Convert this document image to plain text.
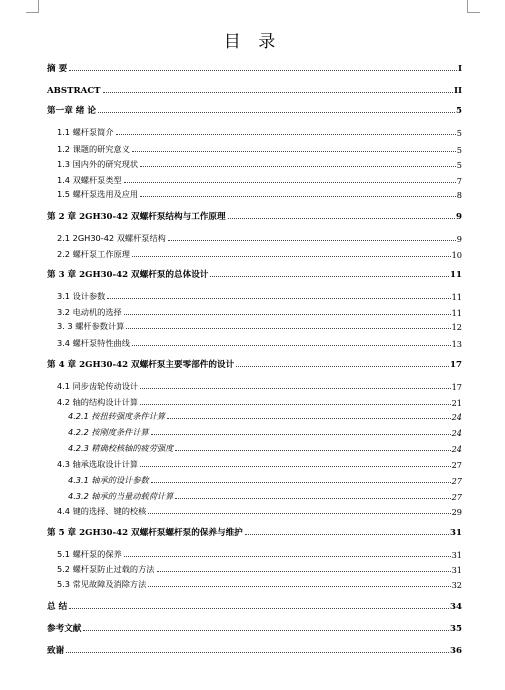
目 录
摘 要	I
ABSTRACT	II
第一章 绪 论	5
1.1 螺杆泵简介	5
1.2 课题的研究意义	5
1.3 国内外的研究现状	5
1.4 双螺杆泵类型	7
1.5 螺杆泵选用及应用	8
第 2 章 2GH30-42 双螺杆泵结构与工作原理	9
2.1 2GH30-42 双螺杆泵结构	9
2.2 螺杆泵工作原理	10
第 3 章 2GH30-42 双螺杆泵的总体设计	11
3.1 设计参数	11
3.2 电动机的选择	11
3. 3 螺杆参数计算	12
3.4 螺杆泵特性曲线	13
第 4 章 2GH30-42 双螺杆泵主要零部件的设计	17
4.1 同步齿轮传动设计	17
4.2 轴的结构设计计算	21
4.2.1 按扭转强度条件计算	24
4.2.2 按刚度条件计算	24
4.2.3 精确校核轴的疲劳强度	24
4.3 轴承选取设计计算	27
4.3.1 轴承的设计参数	27
4.3.2 轴承的当量动载荷计算	27
4.4 键的选择、键的校核	29
第 5 章 2GH30-42 双螺杆泵螺杆泵的保养与维护	31
5.1 螺杆泵的保养	31
5.2 螺杆泵防止过载的方法	31
5.3 常见故障及消除方法	32
总 结	34
参考文献	35
致谢	36
